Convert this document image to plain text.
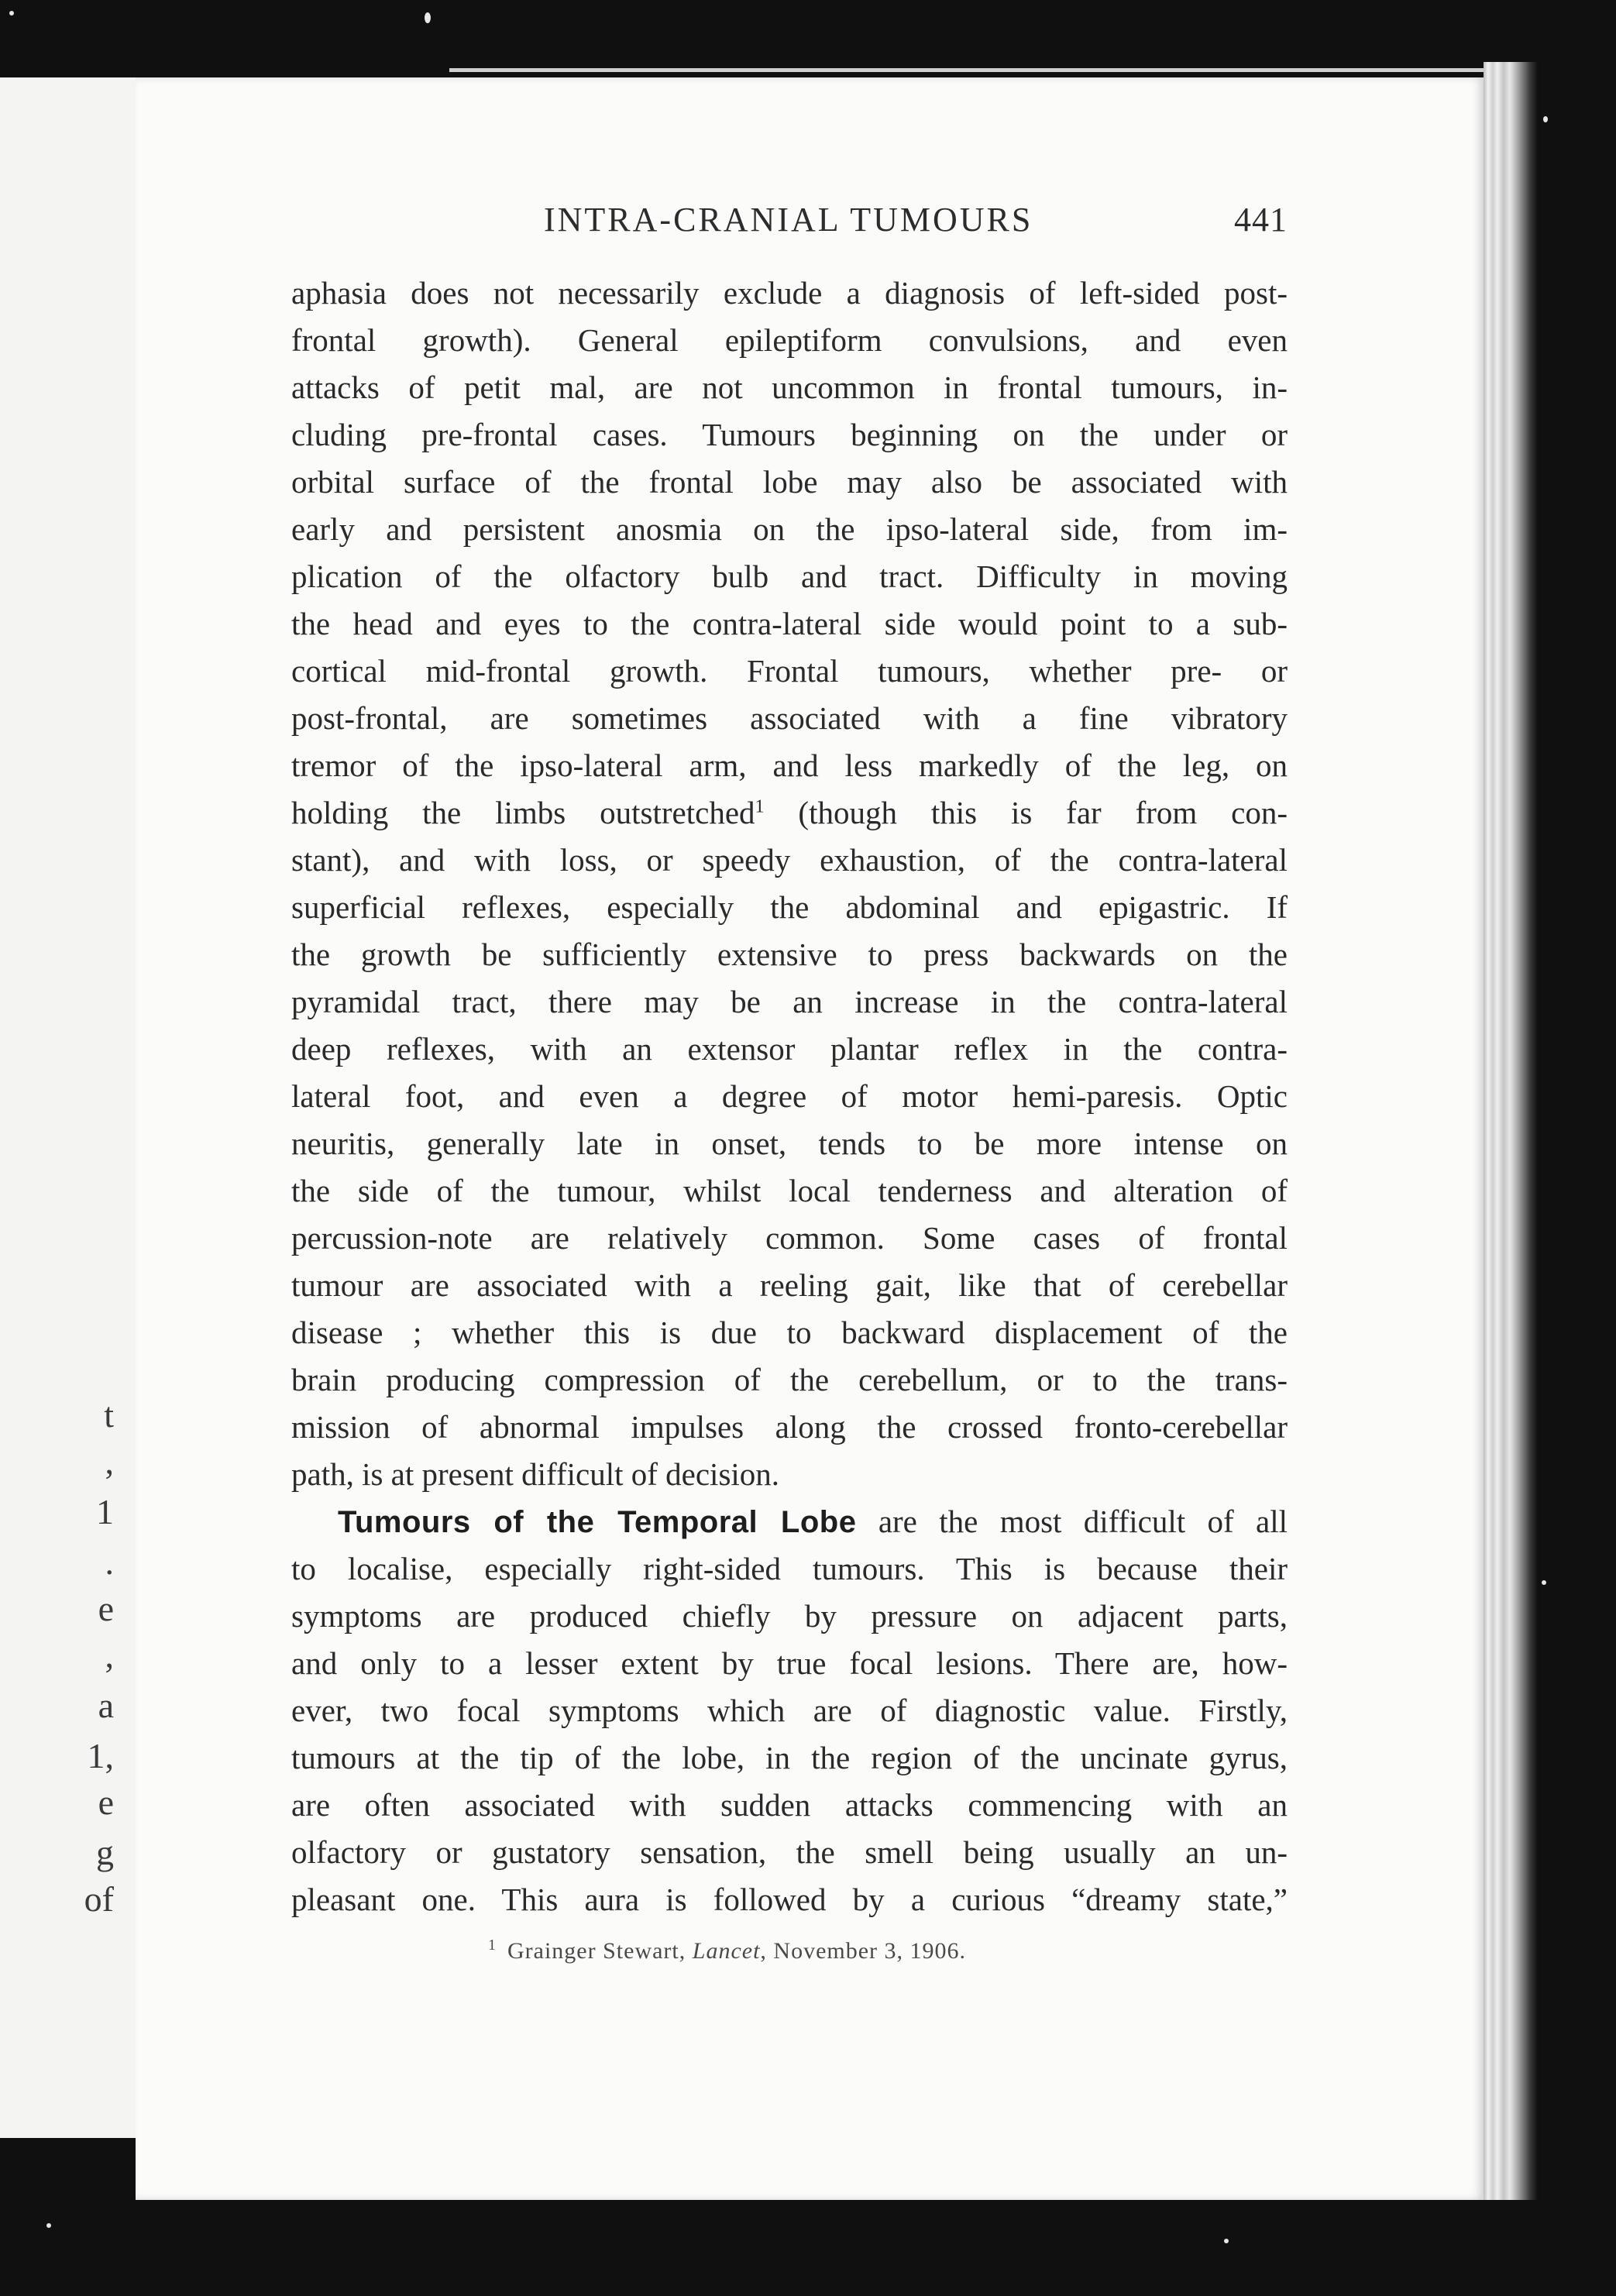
t
,
1
.
e
,
a
1,
e
g
of
INTRA-CRANIAL TUMOURS	441
aphasia does not necessarily exclude a diagnosis of left-sided post-
frontal growth). General epileptiform convulsions, and even
attacks of petit mal, are not uncommon in frontal tumours, in-
cluding pre-frontal cases. Tumours beginning on the under or
orbital surface of the frontal lobe may also be associated with
early and persistent anosmia on the ipso-lateral side, from im-
plication of the olfactory bulb and tract. Difficulty in moving
the head and eyes to the contra-lateral side would point to a sub-
cortical mid-frontal growth. Frontal tumours, whether pre- or
post-frontal, are sometimes associated with a fine vibratory
tremor of the ipso-lateral arm, and less markedly of the leg, on
holding the limbs outstretched$^1$ (though this is far from con-
stant), and with loss, or speedy exhaustion, of the contra-lateral
superficial reflexes, especially the abdominal and epigastric. If
the growth be sufficiently extensive to press backwards on the
pyramidal tract, there may be an increase in the contra-lateral
deep reflexes, with an extensor plantar reflex in the contra-
lateral foot, and even a degree of motor hemi-paresis. Optic
neuritis, generally late in onset, tends to be more intense on
the side of the tumour, whilst local tenderness and alteration of
percussion-note are relatively common. Some cases of frontal
tumour are associated with a reeling gait, like that of cerebellar
disease ; whether this is due to backward displacement of the
brain producing compression of the cerebellum, or to the trans-
mission of abnormal impulses along the crossed fronto-cerebellar
path, is at present difficult of decision.
Tumours of the Temporal Lobe are the most difficult of all
to localise, especially right-sided tumours. This is because their
symptoms are produced chiefly by pressure on adjacent parts,
and only to a lesser extent by true focal lesions. There are, how-
ever, two focal symptoms which are of diagnostic value. Firstly,
tumours at the tip of the lobe, in the region of the uncinate gyrus,
are often associated with sudden attacks commencing with an
olfactory or gustatory sensation, the smell being usually an un-
pleasant one. This aura is followed by a curious “dreamy state,”
$^1$ Grainger Stewart, Lancet, November 3, 1906.
